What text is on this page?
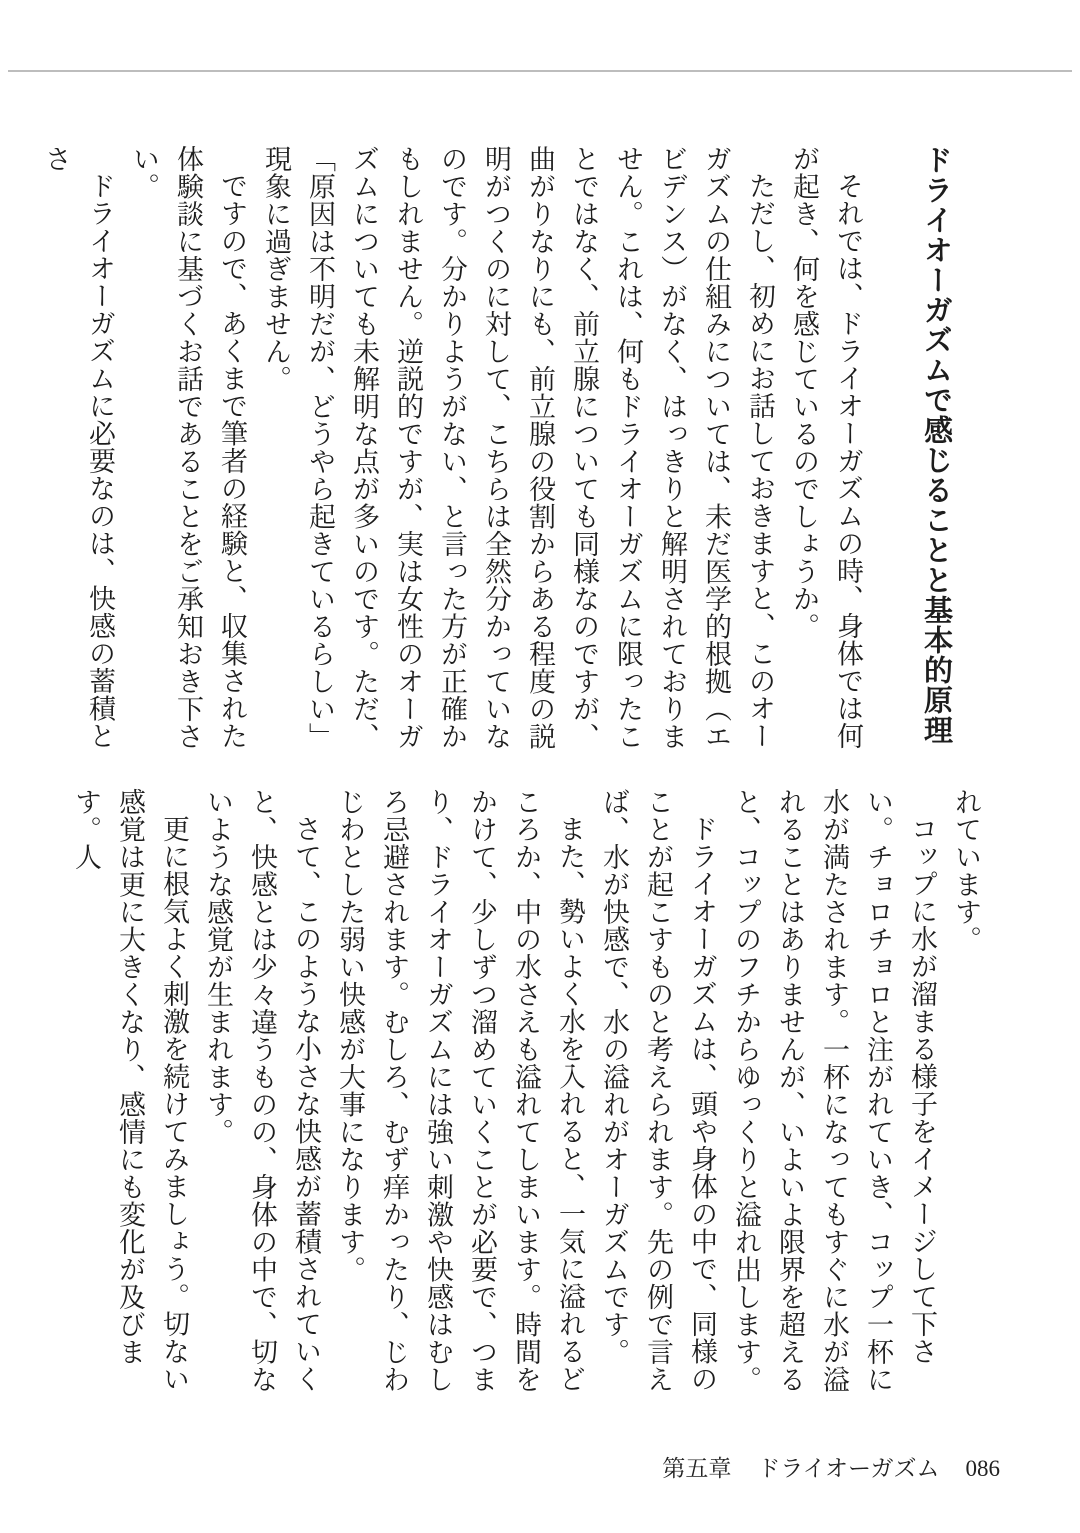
ドライオーガズムで感じることと基本的原理

それでは、ドライオーガズムの時、身体では何が起き、何を感じているのでしょうか。

ただし、初めにお話しておきますと、このオーガズムの仕組みについては、未だ医学的根拠（エビデンス）がなく、はっきりと解明されておりません。これは、何もドライオーガズムに限ったことではなく、前立腺についても同様なのですが、曲がりなりにも、前立腺の役割からある程度の説明がつくのに対して、こちらは全然分かっていなのです。分かりようがない、と言った方が正確かもしれません。逆説的ですが、実は女性のオーガズムについても未解明な点が多いのです。ただ、「原因は不明だが、どうやら起きているらしい」現象に過ぎません。

ですので、あくまで筆者の経験と、収集された体験談に基づくお話であることをご承知おき下さい。

ドライオーガズムに必要なのは、快感の蓄積とさ

れています。

コップに水が溜まる様子をイメージして下さい。チョロチョロと注がれていき、コップ一杯に水が満たされます。一杯になってもすぐに水が溢れることはありませんが、いよいよ限界を超えると、コップのフチからゆっくりと溢れ出します。

ドライオーガズムは、頭や身体の中で、同様のことが起こすものと考えられます。先の例で言えば、水が快感で、水の溢れがオーガズムです。

また、勢いよく水を入れると、一気に溢れるどころか、中の水さえも溢れてしまいます。時間をかけて、少しずつ溜めていくことが必要で、つまり、ドライオーガズムには強い刺激や快感はむしろ忌避されます。むしろ、むず痒かったり、じわじわとした弱い快感が大事になります。

さて、このような小さな快感が蓄積されていくと、快感とは少々違うものの、身体の中で、切ないような感覚が生まれます。

更に根気よく刺激を続けてみましょう。切ない感覚は更に大きくなり、感情にも変化が及びます。人

第五章 ドライオーガズム 086
